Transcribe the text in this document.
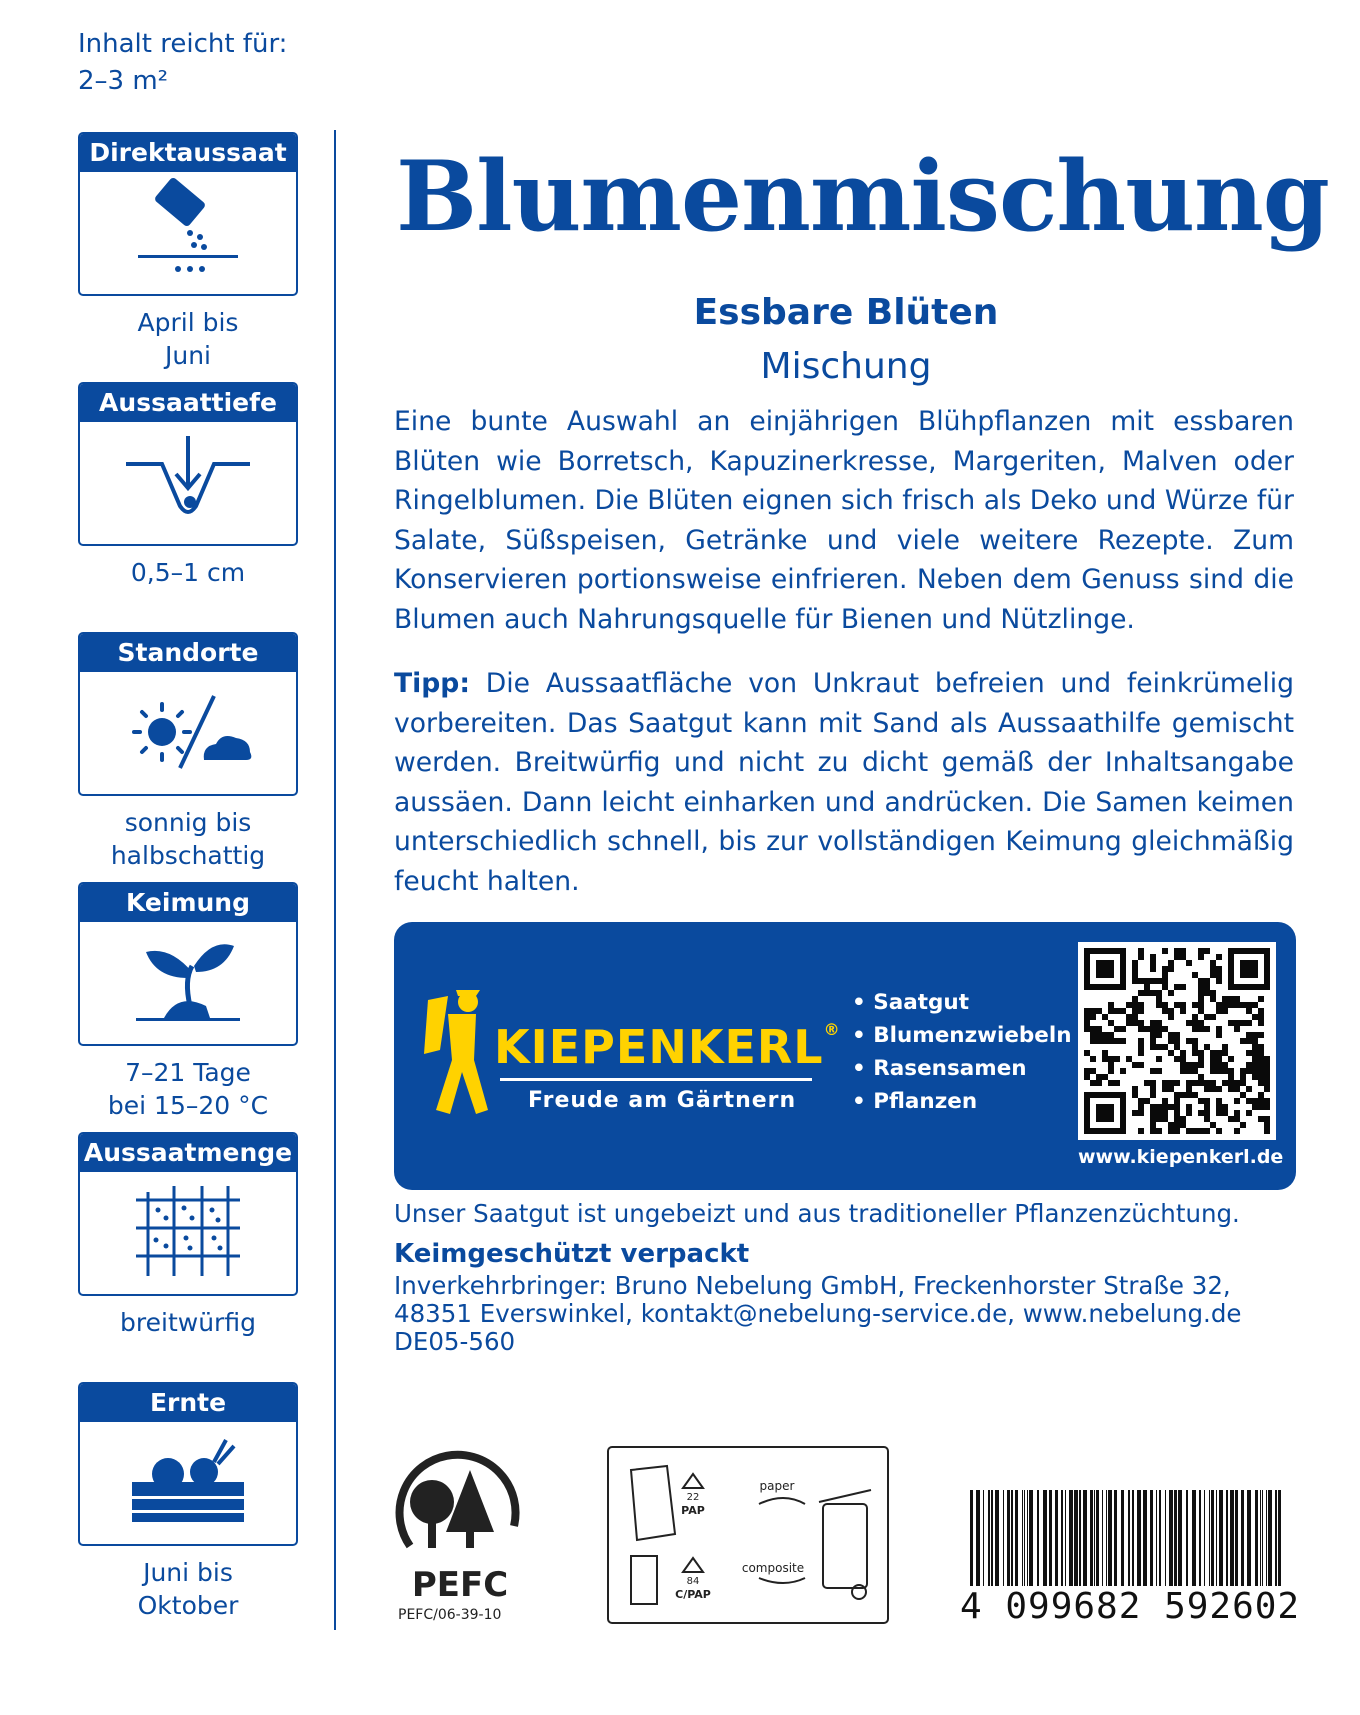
Inhalt reicht für:
2–3 m²
Direktaussaat
April bis
Juni
Aussaattiefe
0,5–1 cm
Standorte
sonnig bis
halbschattig
Keimung
7–21 Tage
bei 15–20 °C
Aussaatmenge
breitwürfig
Ernte
Juni bis
Oktober
Blumenmischung
Essbare Blüten
Mischung
Eine bunte Auswahl an einjährigen Blühpflanzen mit essbaren Blüten wie Borretsch, Kapuzinerkresse, Margeriten, Malven oder Ringelblumen. Die Blüten eignen sich frisch als Deko und Würze für Salate, Süßspeisen, Getränke und viele weitere Rezepte. Zum Konservieren portionsweise einfrieren. Neben dem Genuss sind die Blumen auch Nahrungsquelle für Bienen und Nützlinge.
Tipp: Die Aussaatfläche von Unkraut befreien und feinkrümelig vorbereiten. Das Saatgut kann mit Sand als Aussaathilfe gemischt werden. Breitwürfig und nicht zu dicht gemäß der Inhaltsangabe aussäen. Dann leicht einharken und andrücken. Die Samen keimen unterschiedlich schnell, bis zur vollständigen Keimung gleichmäßig feucht halten.
KIEPENKERL®
Freude am Gärtnern
• Saatgut
• Blumenzwiebeln
• Rasensamen
• Pflanzen
www.kiepenkerl.de
Unser Saatgut ist ungebeizt und aus traditioneller Pflanzenzüchtung.
Keimgeschützt verpackt
Inverkehrbringer: Bruno Nebelung GmbH, Freckenhorster Straße 32,
48351 Everswinkel, kontakt@nebelung-service.de, www.nebelung.de
DE05-560
PEFC
PEFC/06-39-10
22
PAP
84
C/PAP
paper
composite
4 099682 592602
